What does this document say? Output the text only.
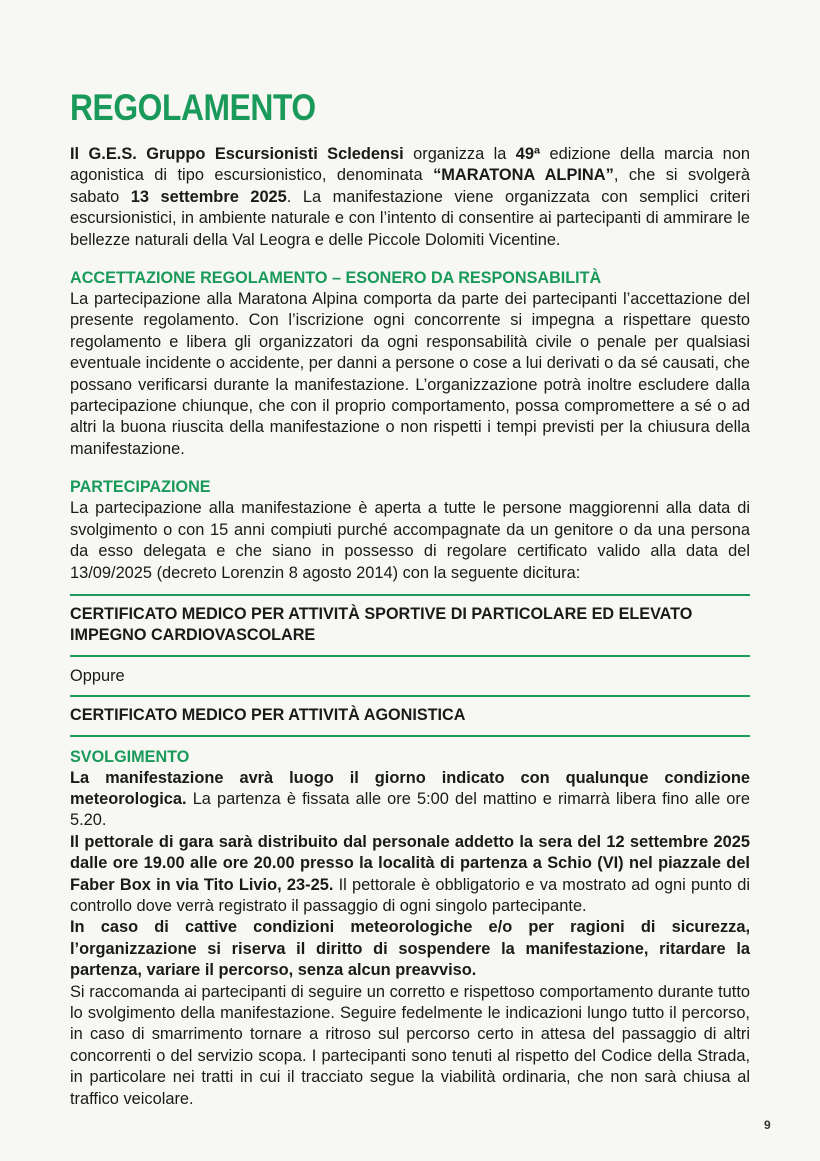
REGOLAMENTO

Il G.E.S. Gruppo Escursionisti Scledensi organizza la 49ª edizione della marcia non agonistica di tipo escursionistico, denominata “MARATONA ALPINA”, che si svolgerà sabato 13 settembre 2025. La manifestazione viene organizzata con semplici criteri escursionistici, in ambiente naturale e con l’intento di consentire ai partecipanti di ammirare le bellezze naturali della Val Leogra e delle Piccole Dolomiti Vicentine.

ACCETTAZIONE REGOLAMENTO – ESONERO DA RESPONSABILITÀ

La partecipazione alla Maratona Alpina comporta da parte dei partecipanti l’accettazione del presente regolamento. Con l’iscrizione ogni concorrente si impegna a rispettare questo regolamento e libera gli organizzatori da ogni responsabilità civile o penale per qualsiasi eventuale incidente o accidente, per danni a persone o cose a lui derivati o da sé causati, che possano verificarsi durante la manifestazione. L’organizzazione potrà inoltre escludere dalla partecipazione chiunque, che con il proprio comportamento, possa compromettere a sé o ad altri la buona riuscita della manifestazione o non rispetti i tempi previsti per la chiusura della manifestazione.

PARTECIPAZIONE

La partecipazione alla manifestazione è aperta a tutte le persone maggiorenni alla data di svolgimento o con 15 anni compiuti purché accompagnate da un genitore o da una persona da esso delegata e che siano in possesso di regolare certificato valido alla data del 13/09/2025 (decreto Lorenzin 8 agosto 2014) con la seguente dicitura:

CERTIFICATO MEDICO PER ATTIVITÀ SPORTIVE DI PARTICOLARE ED ELEVATO IMPEGNO CARDIOVASCOLARE
Oppure
CERTIFICATO MEDICO PER ATTIVITÀ AGONISTICA
SVOLGIMENTO

La manifestazione avrà luogo il giorno indicato con qualunque condizione meteorologica. La partenza è fissata alle ore 5:00 del mattino e rimarrà libera fino alle ore 5.20.

Il pettorale di gara sarà distribuito dal personale addetto la sera del 12 settembre 2025 dalle ore 19.00 alle ore 20.00 presso la località di partenza a Schio (VI) nel piazzale del Faber Box in via Tito Livio, 23-25. Il pettorale è obbligatorio e va mostrato ad ogni punto di controllo dove verrà registrato il passaggio di ogni singolo partecipante.

In caso di cattive condizioni meteorologiche e/o per ragioni di sicurezza, l’organizzazione si riserva il diritto di sospendere la manifestazione, ritardare la partenza, variare il percorso, senza alcun preavviso.

Si raccomanda ai partecipanti di seguire un corretto e rispettoso comportamento durante tutto lo svolgimento della manifestazione. Seguire fedelmente le indicazioni lungo tutto il percorso, in caso di smarrimento tornare a ritroso sul percorso certo in attesa del passaggio di altri concorrenti o del servizio scopa. I partecipanti sono tenuti al rispetto del Codice della Strada, in particolare nei tratti in cui il tracciato segue la viabilità ordinaria, che non sarà chiusa al traffico veicolare.

9
